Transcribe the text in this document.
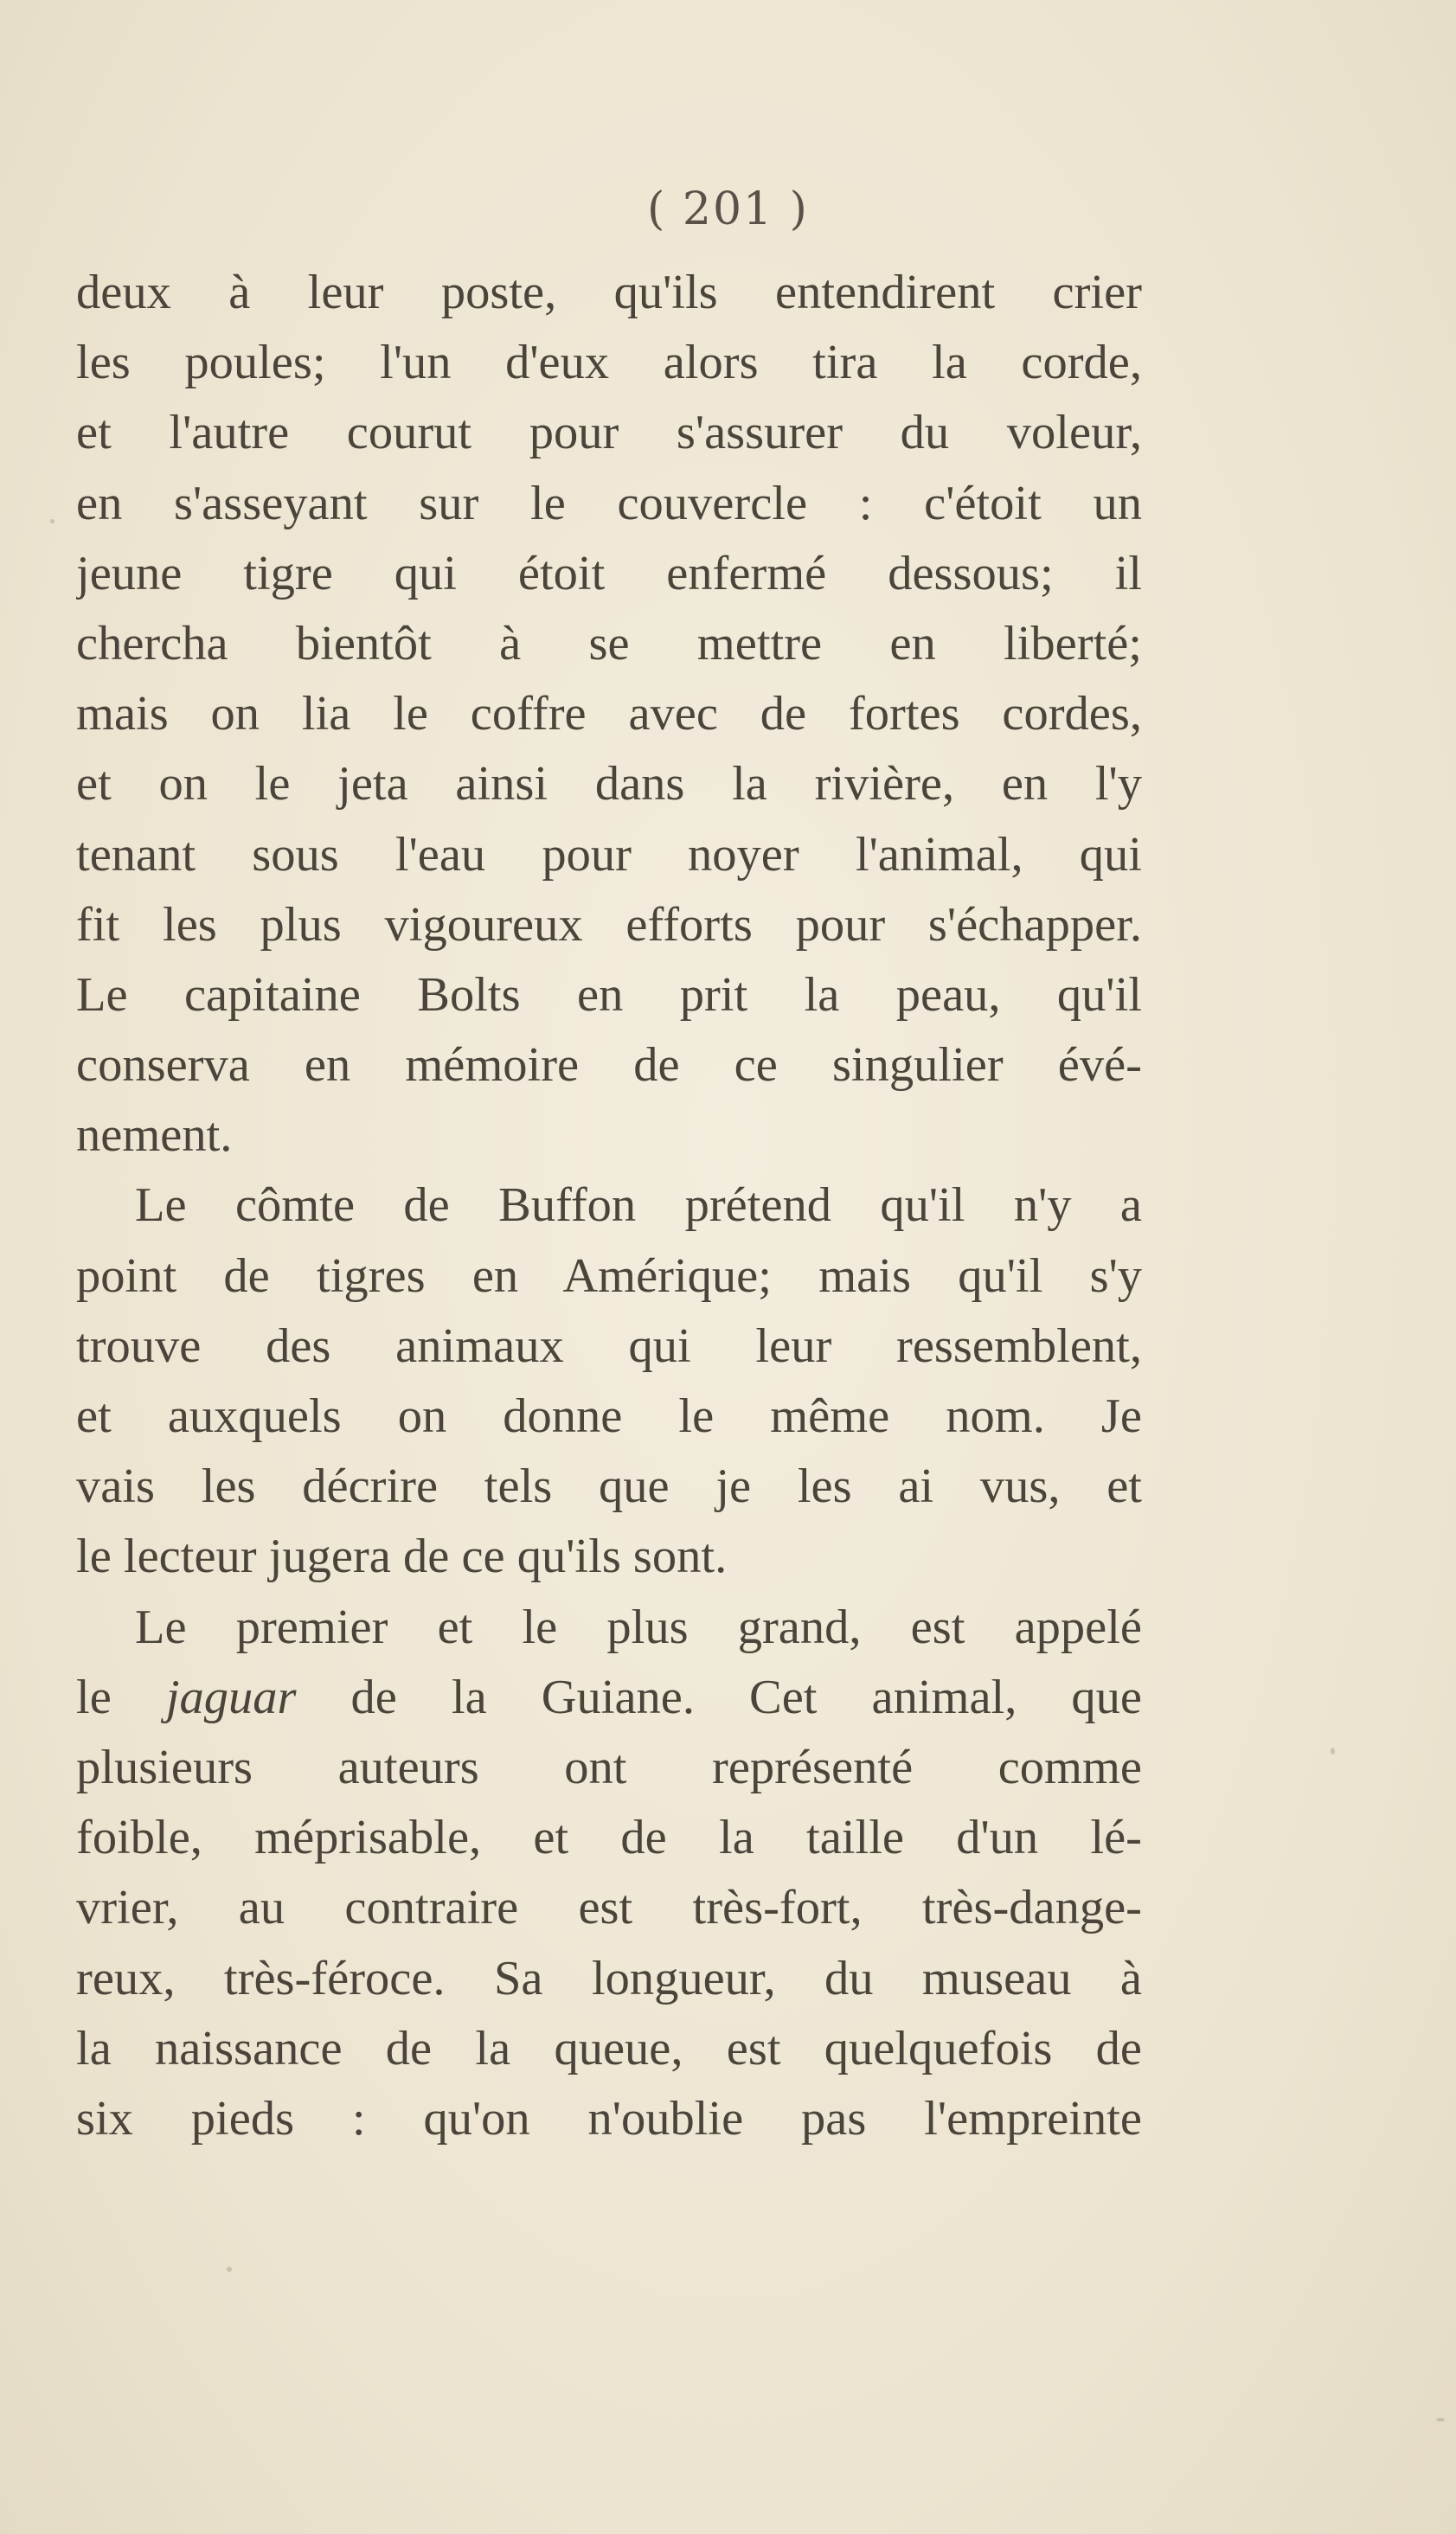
( 201 )
deux à leur poste, qu'ils entendirent crier
les poules; l'un d'eux alors tira la corde,
et l'autre courut pour s'assurer du voleur,
en s'asseyant sur le couvercle : c'étoit un
jeune tigre qui étoit enfermé dessous; il
chercha bientôt à se mettre en liberté;
mais on lia le coffre avec de fortes cordes,
et on le jeta ainsi dans la rivière, en l'y
tenant sous l'eau pour noyer l'animal, qui
fit les plus vigoureux efforts pour s'échapper.
Le capitaine Bolts en prit la peau, qu'il
conserva en mémoire de ce singulier évé-
nement.
Le cômte de Buffon prétend qu'il n'y a
point de tigres en Amérique; mais qu'il s'y
trouve des animaux qui leur ressemblent,
et auxquels on donne le même nom. Je
vais les décrire tels que je les ai vus, et
le lecteur jugera de ce qu'ils sont.
Le premier et le plus grand, est appelé
le jaguar de la Guiane. Cet animal, que
plusieurs auteurs ont représenté comme
foible, méprisable, et de la taille d'un lé-
vrier, au contraire est très-fort, très-dange-
reux, très-féroce. Sa longueur, du museau à
la naissance de la queue, est quelquefois de
six pieds : qu'on n'oublie pas l'empreinte
